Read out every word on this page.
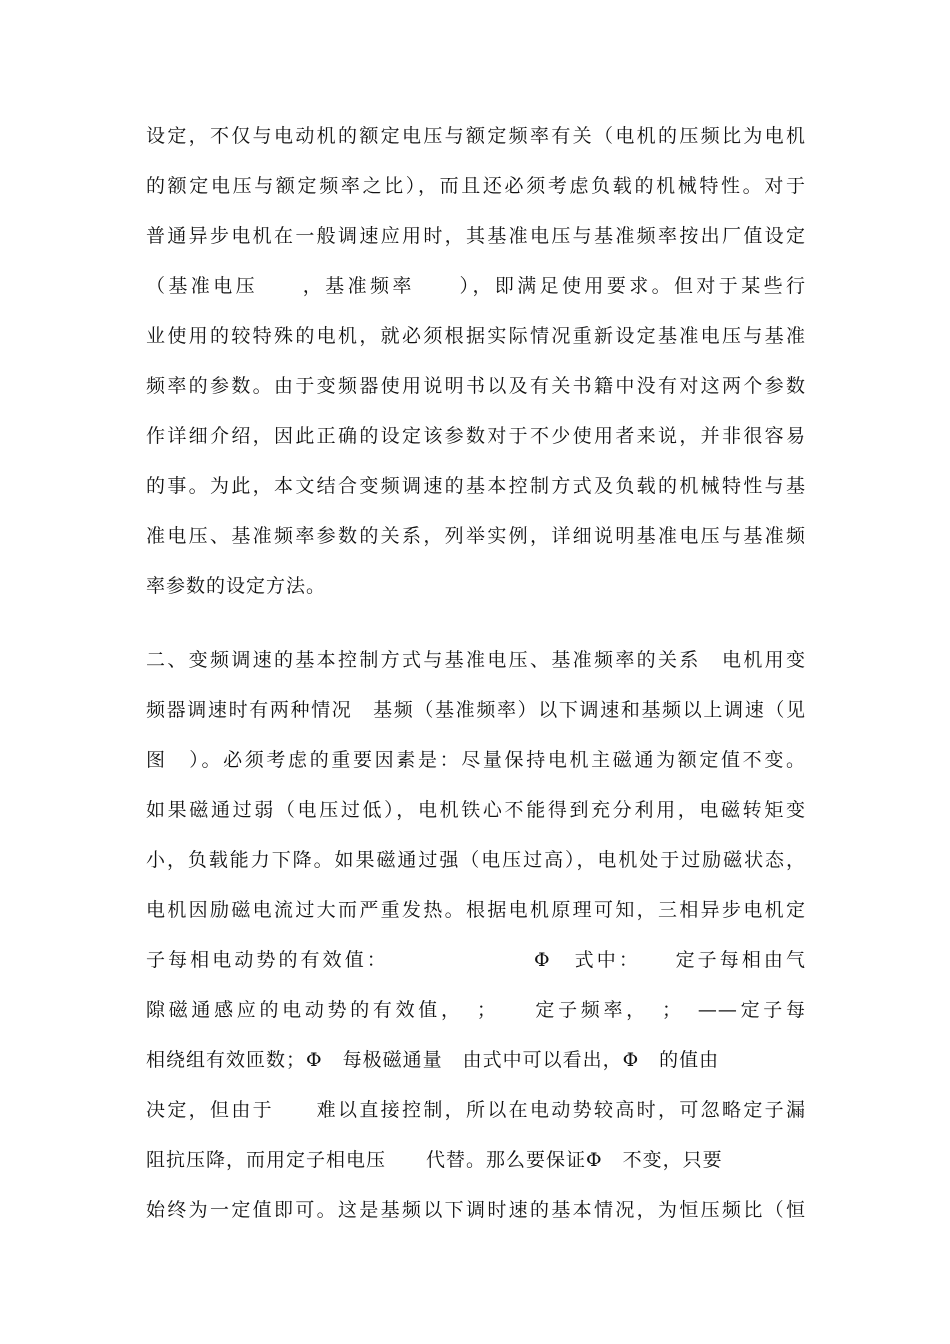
设定，不仅与电动机的额定电压与额定频率有关（电机的压频比为电机
的额定电压与额定频率之比），而且还必须考虑负载的机械特性。对于
普通异步电机在一般调速应用时，其基准电压与基准频率按出厂值设定
（基准电压　　，基准频率　　），即满足使用要求。但对于某些行
业使用的较特殊的电机，就必须根据实际情况重新设定基准电压与基准
频率的参数。由于变频器使用说明书以及有关书籍中没有对这两个参数
作详细介绍，因此正确的设定该参数对于不少使用者来说，并非很容易
的事。为此，本文结合变频调速的基本控制方式及负载的机械特性与基
准电压、基准频率参数的关系，列举实例，详细说明基准电压与基准频
率参数的设定方法。
二、变频调速的基本控制方式与基准电压、基准频率的关系　电机用变
频器调速时有两种情况　基频（基准频率）以下调速和基频以上调速（见
图　）。必须考虑的重要因素是：尽量保持电机主磁通为额定值不变。
如果磁通过弱（电压过低），电机铁心不能得到充分利用，电磁转矩变
小，负载能力下降。如果磁通过强（电压过高），电机处于过励磁状态，
电机因励磁电流过大而严重发热。根据电机原理可知，三相异步电机定
子每相电动势的有效值：　　　　　　　Φ　式中：　　定子每相由气
隙磁通感应的电动势的有效值，　；　　定子频率，　；　——定子每
相绕组有效匝数；Φ　每极磁通量　由式中可以看出，Φ　的值由
决定，但由于　　难以直接控制，所以在电动势较高时，可忽略定子漏
阻抗压降，而用定子相电压　　代替。那么要保证Φ　不变，只要
始终为一定值即可。这是基频以下调时速的基本情况，为恒压频比（恒
